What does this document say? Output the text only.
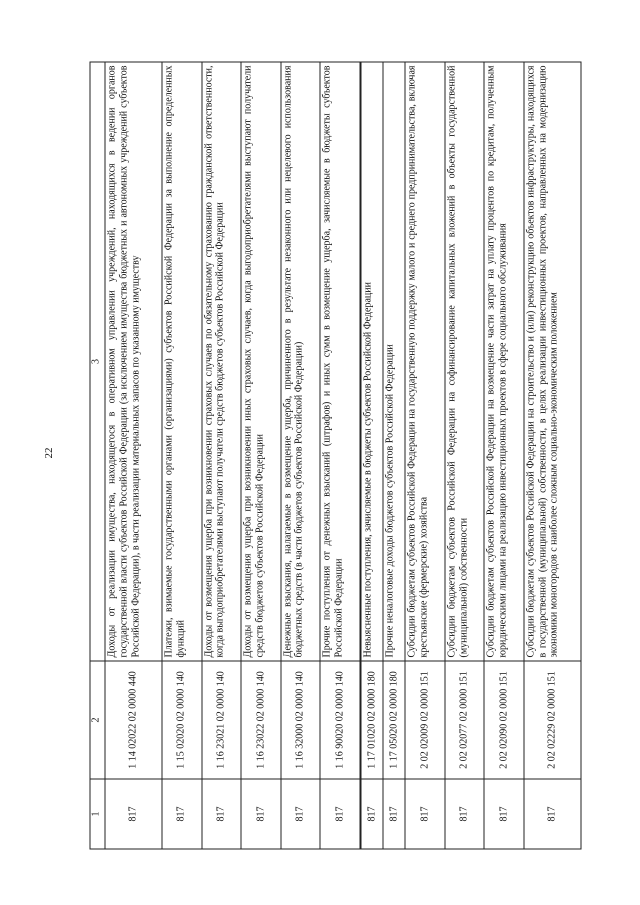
22
1	2	3
817	1 14 02022 02 0000 440	Доходы от реализации имущества, находящегося в оперативном управлении учреждений, находящихся в ведении органов государственной власти субъектов Российской Федерации (за исключением имущества бюджетных и автономных учреждений субъектов Российской Федерации), в части реализации материальных запасов по указанному имуществу
817	1 15 02020 02 0000 140	Платежи, взимаемые государственными органами (организациями) субъектов Российской Федерации за выполнение определенных функций
817	1 16 23021 02 0000 140	Доходы от возмещения ущерба при возникновении страховых случаев по обязательному страхованию гражданской ответственности, когда выгодоприобретателями выступают получатели средств бюджетов субъектов Российской Федерации
817	1 16 23022 02 0000 140	Доходы от возмещения ущерба при возникновении иных страховых случаев, когда выгодоприобретателями выступают получатели средств бюджетов субъектов Российской Федерации
817	1 16 32000 02 0000 140	Денежные взыскания, налагаемые в возмещение ущерба, причиненного в результате незаконного или нецелевого использования бюджетных средств (в части бюджетов субъектов Российской Федерации)
817	1 16 90020 02 0000 140	Прочие поступления от денежных взысканий (штрафов) и иных сумм в возмещение ущерба, зачисляемые в бюджеты субъектов Российской Федерации
817	1 17 01020 02 0000 180	Невыясненные поступления, зачисляемые в бюджеты субъектов Российской Федерации
817	1 17 05020 02 0000 180	Прочие неналоговые доходы бюджетов субъектов Российской Федерации
817	2 02 02009 02 0000 151	Субсидии бюджетам субъектов Российской Федерации на государственную поддержку малого и среднего предпринимательства, включая крестьянские (фермерские) хозяйства
817	2 02 02077 02 0000 151	Субсидии бюджетам субъектов Российской Федерации на софинансирование капитальных вложений в объекты государственной (муниципальной) собственности
817	2 02 02090 02 0000 151	Субсидии бюджетам субъектов Российской Федерации на возмещение части затрат на уплату процентов по кредитам, полученным юридическими лицами на реализацию инвестиционных проектов в сфере социального обслуживания
817	2 02 02229 02 0000 151	Субсидии бюджетам субъектов Российской Федерации на строительство и (или) реконструкцию объектов инфраструктуры, находящихся в государственной (муниципальной) собственности, в целях реализации инвестиционных проектов, направленных на модернизацию экономики моногородов с наиболее сложным социально-экономическим положением
